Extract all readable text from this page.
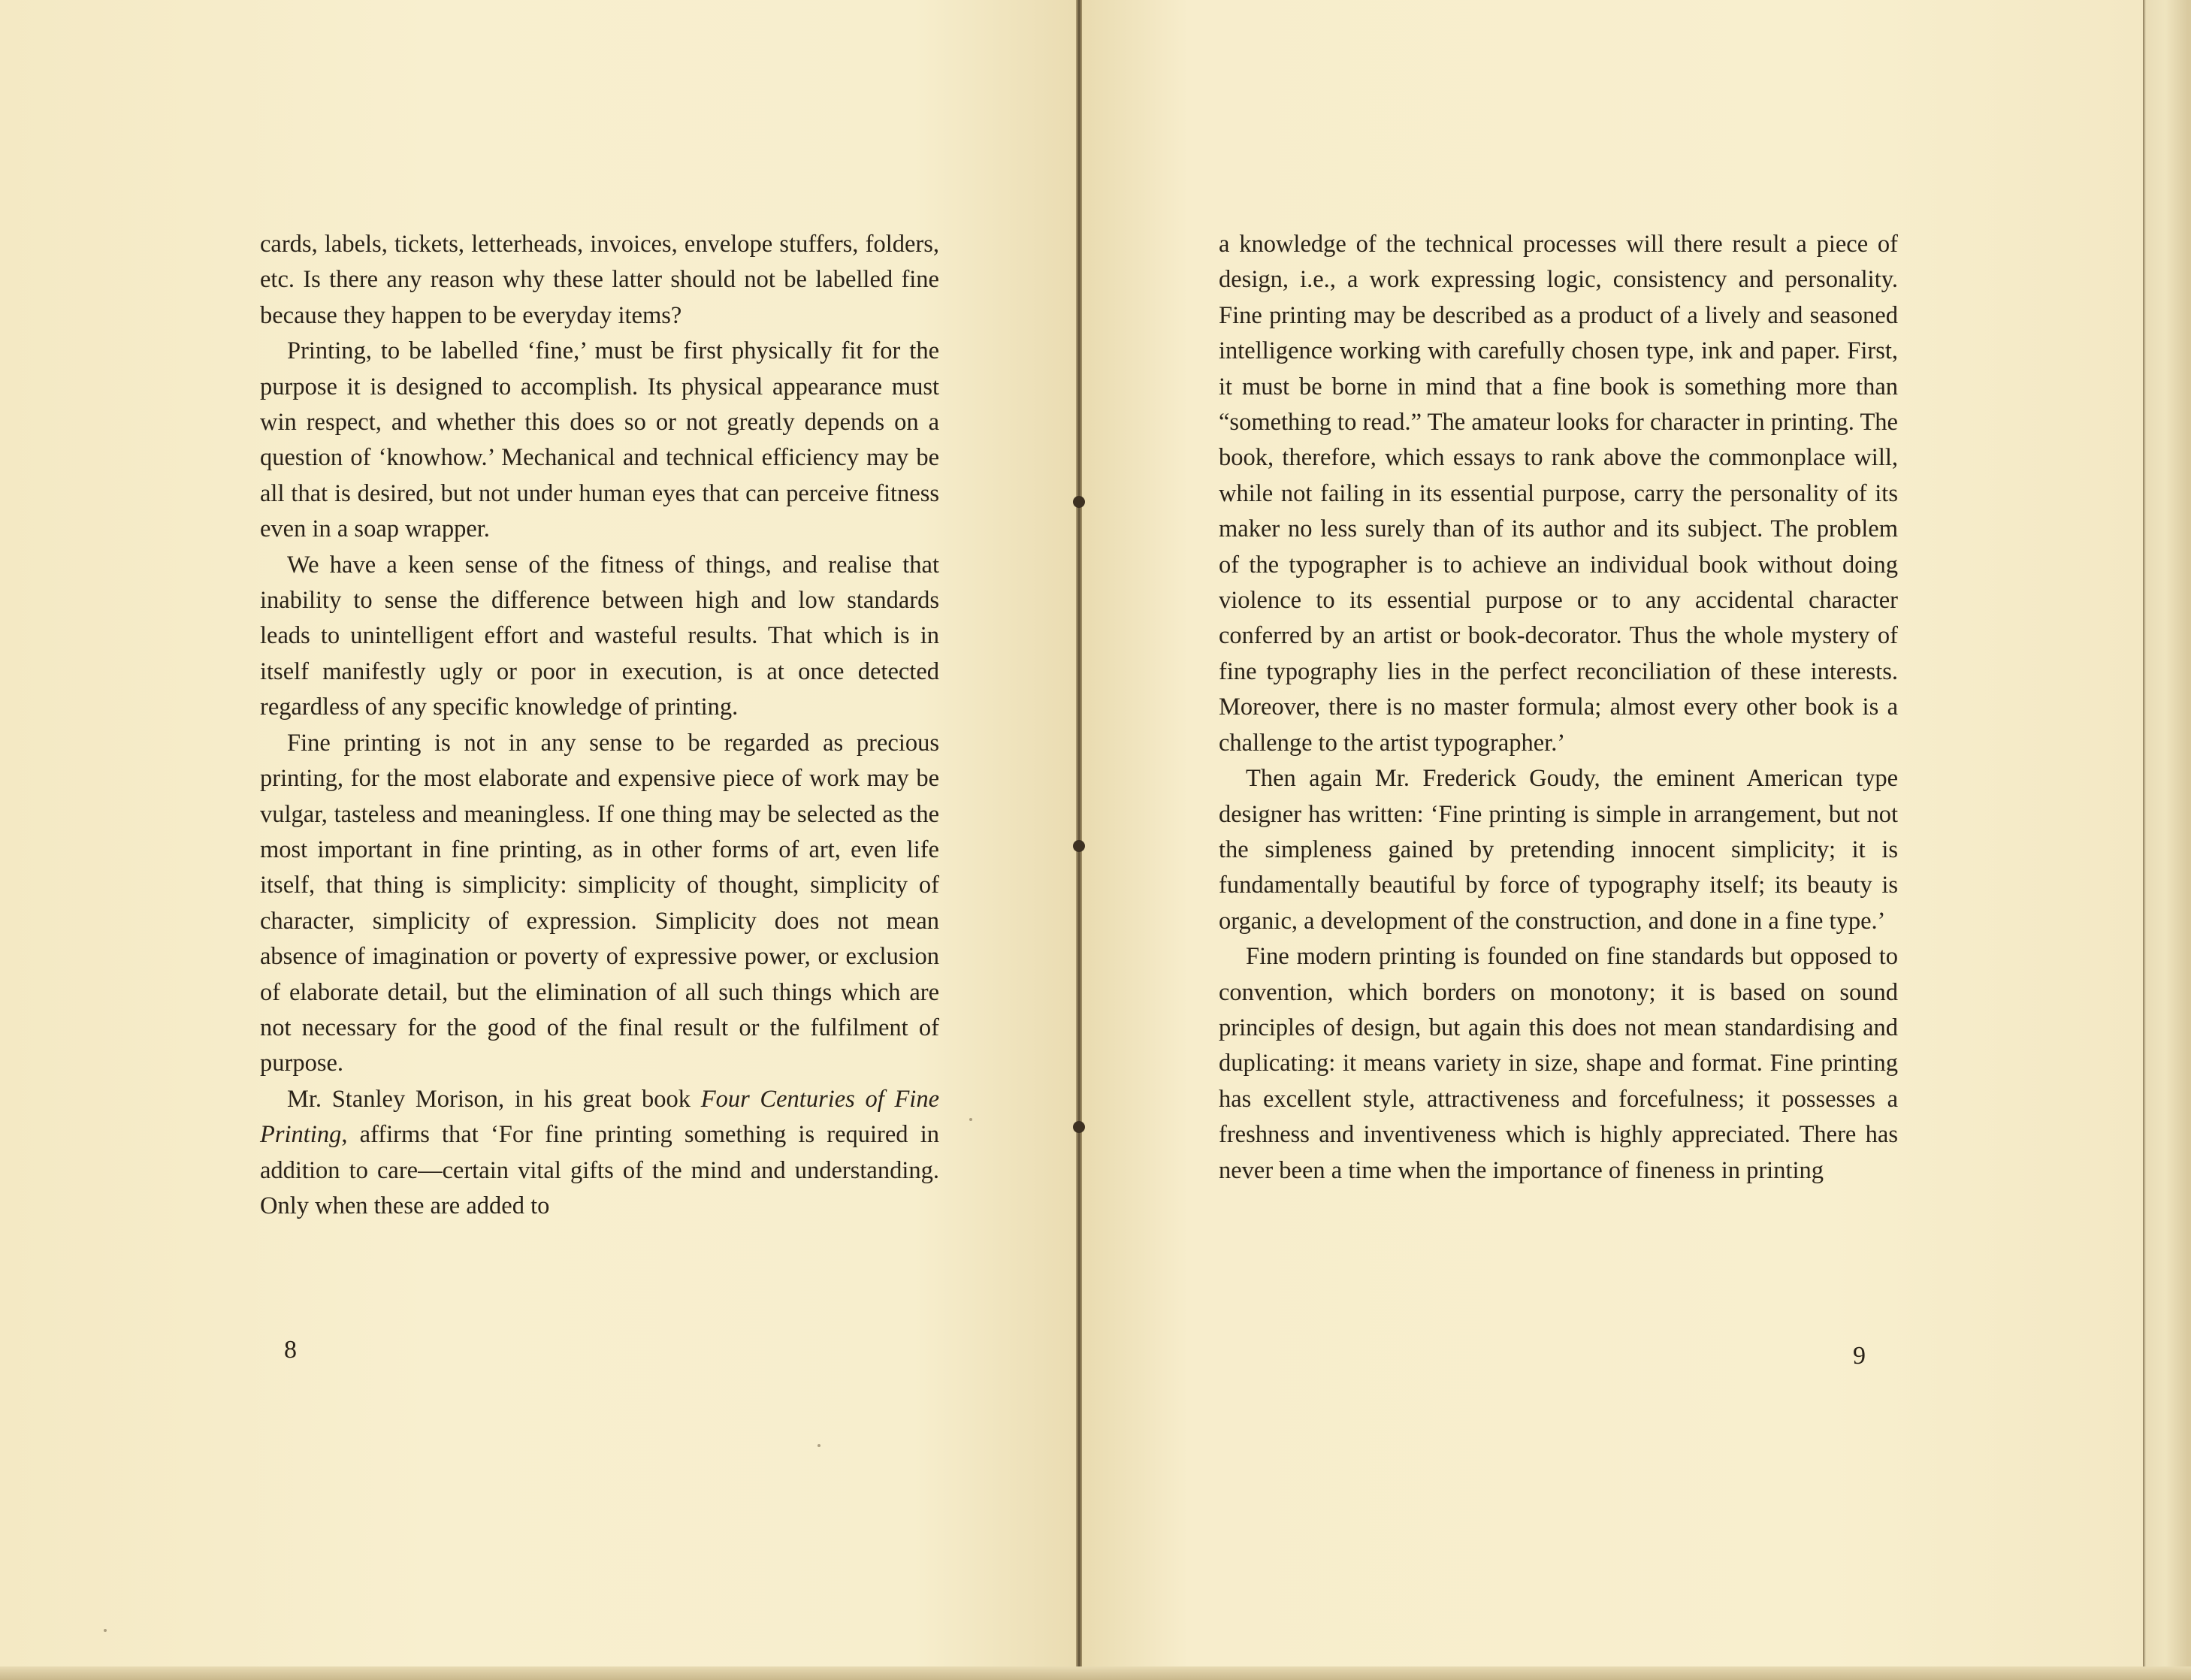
cards, labels, tickets, letterheads, invoices, envelope stuffers, folders, etc. Is there any reason why these latter should not be labelled fine because they happen to be everyday items?

Printing, to be labelled ‘fine,’ must be first physically fit for the purpose it is designed to accomplish. Its physical appearance must win respect, and whether this does so or not greatly depends on a question of ‘knowhow.’ Mechanical and technical efficiency may be all that is desired, but not under human eyes that can perceive fitness even in a soap wrapper.

We have a keen sense of the fitness of things, and realise that inability to sense the difference between high and low standards leads to unintelligent effort and wasteful results. That which is in itself manifestly ugly or poor in execution, is at once detected regardless of any specific knowledge of printing.

Fine printing is not in any sense to be regarded as precious printing, for the most elaborate and expensive piece of work may be vulgar, tasteless and meaningless. If one thing may be selected as the most important in fine printing, as in other forms of art, even life itself, that thing is simplicity: simplicity of thought, simplicity of character, simplicity of expression. Simplicity does not mean absence of imagination or poverty of expressive power, or exclusion of elaborate detail, but the elimination of all such things which are not necessary for the good of the final result or the fulfilment of purpose.

Mr. Stanley Morison, in his great book Four Centuries of Fine Printing, affirms that ‘For fine printing something is required in addition to care—certain vital gifts of the mind and understanding. Only when these are added to

8

a knowledge of the technical processes will there result a piece of design, i.e., a work expressing logic, consistency and personality. Fine printing may be described as a product of a lively and seasoned intelligence working with carefully chosen type, ink and paper. First, it must be borne in mind that a fine book is something more than “something to read.” The amateur looks for character in printing. The book, therefore, which essays to rank above the commonplace will, while not failing in its essential purpose, carry the personality of its maker no less surely than of its author and its subject. The problem of the typographer is to achieve an individual book without doing violence to its essential purpose or to any accidental character conferred by an artist or book-decorator. Thus the whole mystery of fine typography lies in the perfect reconciliation of these interests. Moreover, there is no master formula; almost every other book is a challenge to the artist typographer.’

Then again Mr. Frederick Goudy, the eminent American type designer has written: ‘Fine printing is simple in arrangement, but not the simpleness gained by pretending innocent simplicity; it is fundamentally beautiful by force of typography itself; its beauty is organic, a development of the construction, and done in a fine type.’

Fine modern printing is founded on fine standards but opposed to convention, which borders on monotony; it is based on sound principles of design, but again this does not mean standardising and duplicating: it means variety in size, shape and format. Fine printing has excellent style, attractiveness and forcefulness; it possesses a freshness and inventiveness which is highly appreciated. There has never been a time when the importance of fineness in printing

9
